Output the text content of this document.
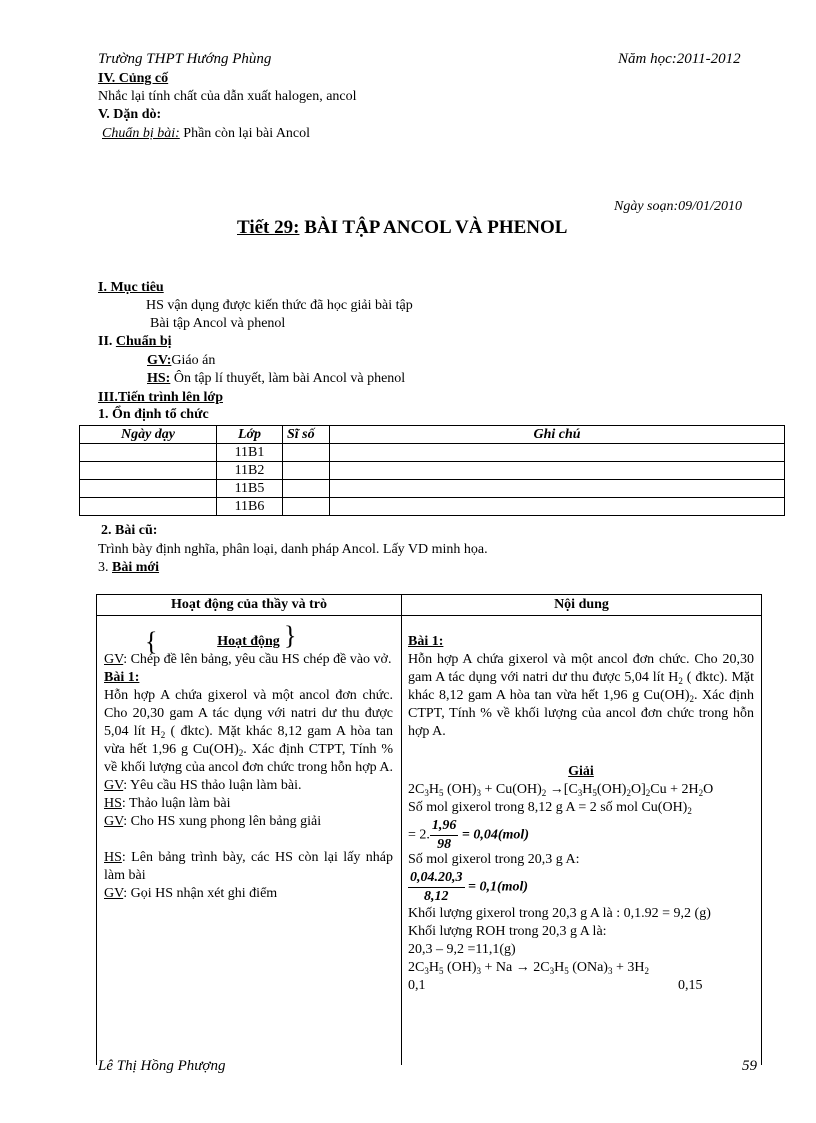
Trường THPT Hướng Phùng	Năm học:2011-2012
IV. Củng cố
Nhắc lại tính chất của dẫn xuất halogen, ancol
V. Dặn dò:
Chuẩn bị bài: Phần còn lại bài Ancol
Ngày soạn:09/01/2010
Tiết 29: BÀI TẬP ANCOL VÀ PHENOL
I. Mục tiêu
HS vận dụng được kiến thức đã học giải bài tập
Bài tập Ancol và phenol
II. Chuẩn bị
GV:Giáo án
HS: Ôn tập lí thuyết, làm bài Ancol và phenol
III.Tiến trình lên lớp
1. Ổn định tổ chức
Ngày dạy	Lớp	Sĩ số	Ghi chú
	11B1		
	11B2		
	11B5		
	11B6		
2. Bài cũ:
Trình bày định nghĩa, phân loại, danh pháp Ancol. Lấy VD minh họa.
3. Bài mới
Hoạt động của thầy và trò	Nội dung
{	}

Hoạt động

GV: Chép đề lên bảng, yêu cầu HS chép đề vào vở.

Bài 1:

Hỗn hợp A chứa gixerol và một ancol đơn chức. Cho 20,30 gam A tác dụng với natri dư thu được 5,04 lít $H_2$ ( đktc). Mặt khác 8,12 gam A hòa tan vừa hết 1,96 g $Cu(OH)_2$. Xác định CTPT, Tính % về khối lượng của ancol đơn chức trong hỗn hợp A.

GV: Yêu cầu HS thảo luận làm bài.

HS: Thảo luận làm bài

GV: Cho HS xung phong lên bảng giải

HS: Lên bảng trình bày, các HS còn lại lấy nháp làm bài

GV: Gọi HS nhận xét ghi điểm

Bài 1:

Hỗn hợp A chứa gixerol và một ancol đơn chức. Cho 20,30 gam A tác dụng với natri dư thu được 5,04 lít $H_2$ ( đktc). Mặt khác 8,12 gam A hòa tan vừa hết 1,96 g $Cu(OH)_2$. Xác định CTPT, Tính % về khối lượng của ancol đơn chức trong hỗn hợp A.

Giải

$2C_3H_5$ $(OH)_3 + Cu(OH)_2 \to[C_3H_5(OH)_2O]_2Cu + 2H_2O$

Số mol gixerol trong 8,12 g A = 2 số mol $Cu(OH)_2$

= 2. $\frac{1,96}{98} = 0,04(mol)$

Số mol gixerol trong 20,3 g A:

$\frac{0,04.20,3}{8,12} = 0,1(mol)$

Khối lượng gixerol trong 20,3 g A là : 0,1.92 = 9,2 (g)

Khối lượng ROH trong 20,3 g A là:

20,3 – 9,2 =11,1(g)

$2C_3H_5$ $(OH)_3 + Na \to 2C_3H_5$ $(ONa)_3 + 3H_2$

0,1	0,15

Lê Thị Hồng Phượng	59
